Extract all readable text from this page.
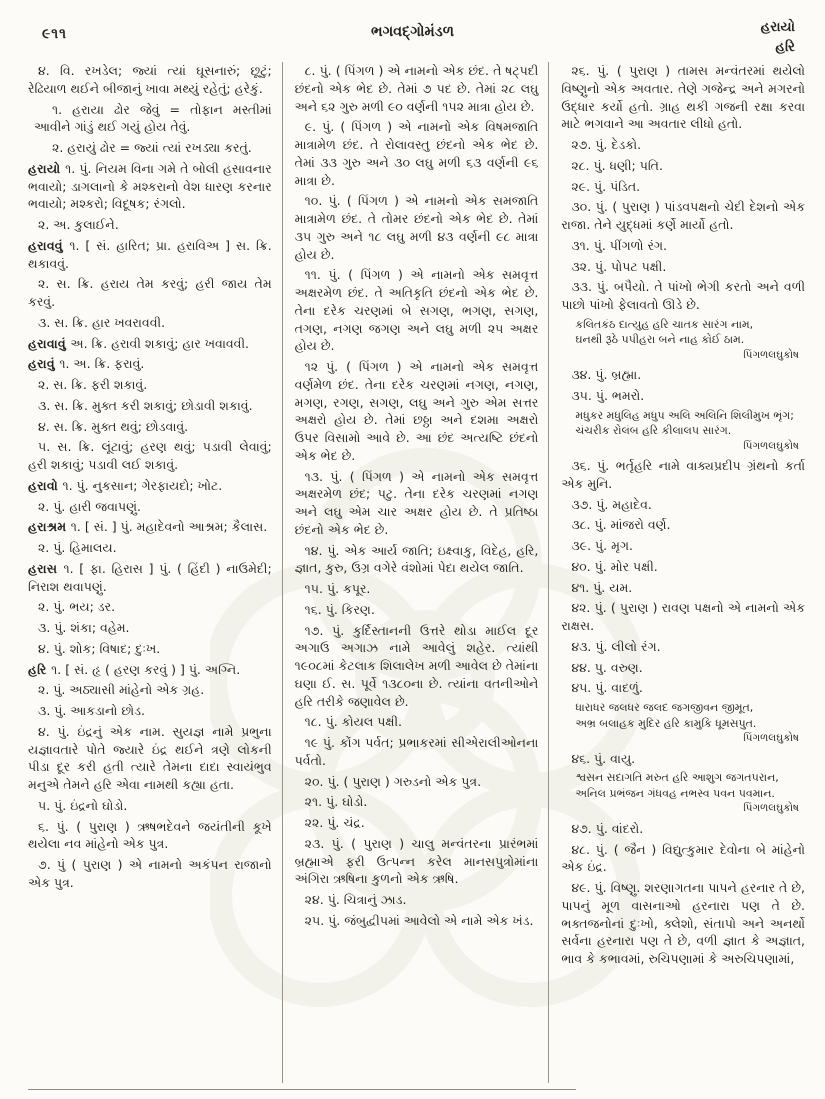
૯૧૧	ભગવદ્ગોમંડળ	હરાયો
હરિ

૪. વિ. રખડેલ; જ્યાં ત્યાં ઘૂસનારું; છૂટું; રેઢિયાળ થઈને બીજાનું ખાવા મથ્યું રહેતું; હરેકું.

૧. હરાયા ઢોર જેવું = તોફાન મસ્તીમાં આવીને ગાંડું થઈ ગયું હોય તેવું.

૨. હરાયું ઢોર = જ્યાં ત્યાં રખડ્યા કરતું.

હરાયો ૧. પું. નિયમ વિના ગમે તે બોલી હસાવનાર ભવાયો; ડાગલાનો કે મશ્કરાનો વેશ ધારણ કરનાર ભવાયો; મશ્કરો; વિદૂષક; રંગલો.

૨. અ. કુલાઈને.

હરાવવું ૧. [ સં. હારિત; પ્રા. હરાવિઅ ] સ. ક્રિ. થકાવવું.

૨. સ. ક્રિ. હરાય તેમ કરવું; હરી જાય તેમ કરવું.

૩. સ. ક્રિ. હાર ખવરાવવી.

હરાવાવું અ. ક્રિ. હરાવી શકાવું; હાર ખવાવવી.

હરાવું ૧. અ. ક્રિ. ફરાવું.

૨. સ. ક્રિ. ફરી શકાવું.

૩. સ. ક્રિ. મુક્ત કરી શકાવું; છોડાવી શકાવું.

૪. સ. ક્રિ. મુક્ત થવું; છોડવાવું.

૫. સ. ક્રિ. લૂંટાવું; હરણ થવું; પડાવી લેવાવું; હરી શકાવું; પડાવી લઈ શકાવું.

હરાવો ૧. પું. નુકસાન; ગેરફાયદો; ખોટ.

૨. પું. હારી જવાપણું.

હરાશ્રમ ૧. [ સં. ] પું. મહાદેવનો આશ્રમ; કૈલાસ.

૨. પું. હિમાલય.

હરાસ ૧. [ ફા. હિરાસ ] પું. ( હિંદી ) નાઉમેદી; નિરાશ થવાપણું.

૨. પું. ભય; ડર.

૩. પું. શંકા; વહેમ.

૪. પું. શોક; વિષાદ; દુઃખ.

હરિ ૧. [ સં. હૃ ( હરણ કરવું ) ] પું. અગ્નિ.

૨. પું. અઠ્યાસી માંહેનો એક ગ્રહ.

૩. પું. આકડાનો છોડ.

૪. પું. ઇંદ્રનું એક નામ. સુયજ્ઞ નામે પ્રભુના યજ્ઞાવતારે પોતે જ્યારે ઇંદ્ર થઈને ત્રણે લોકની પીડા દૂર કરી હતી ત્યારે તેમના દાદા સ્વાયંભુવ મનુએ તેમને હરિ એવા નામથી કહ્યા હતા.

૫. પું. ઇંદ્રનો ઘોડો.

૬. પું. ( પુરાણ ) ઋષભદેવને જયંતીની કૂખે થયેલા નવ માંહેનો એક પુત્ર.

૭. પું ( પુરાણ ) એ નામનો અકંપન રાજાનો એક પુત્ર.

૮. પું. ( પિંગળ ) એ નામનો એક છંદ. તે ષટ્પદી છંદનો એક ભેદ છે. તેમાં ૭ પદ છે. તેમાં ૨૮ લઘુ અને ૬૨ ગુરુ મળી ૯૦ વર્ણની ૧૫૨ માત્રા હોય છે.

૯. પું. ( પિંગળ ) એ નામનો એક વિષમજાતિ માત્રામેળ છંદ. તે રોલાવસ્તુ છંદનો એક ભેદ છે. તેમાં ૩૩ ગુરુ અને ૩૦ લઘુ મળી ૬૩ વર્ણની ૯૬ માત્રા છે.

૧૦. પું. ( પિંગળ ) એ નામનો એક સમજાતિ માત્રામેળ છંદ. તે તોમર છંદનો એક ભેદ છે. તેમાં ૩૫ ગુરુ અને ૧૮ લઘુ મળી ૪૩ વર્ણની ૯૮ માત્રા હોય છે.

૧૧. પું. ( પિંગળ ) એ નામનો એક સમવૃત્ત અક્ષરમેળ છંદ. તે અતિકૃતિ છંદનો એક ભેદ છે. તેના દરેક ચરણમાં બે સગણ, ભગણ, સગણ, તગણ, નગણ જગણ અને લઘુ મળી ૨૫ અક્ષર હોય છે.

૧૨ પું. ( પિંગળ ) એ નામનો એક સમવૃત્ત વર્ણમેળ છંદ. તેના દરેક ચરણમાં નગણ, નગણ, મગણ, રગણ, સગણ, લઘુ અને ગુરુ એમ સત્તર અક્ષરો હોય છે. તેમાં છઠ્ઠા અને દશમા અક્ષરો ઉપર વિસામો આવે છે. આ છંદ અત્યષ્ટિ છંદનો એક ભેદ છે.

૧૩. પું. ( પિંગળ ) એ નામનો એક સમવૃત્ત અક્ષરમેળ છંદ; પટુ. તેના દરેક ચરણમાં નગણ અને લઘુ એમ ચાર અક્ષર હોય છે. તે પ્રતિષ્ઠા છંદનો એક ભેદ છે.

૧૪. પું. એક આર્ય જાતિ; ઇક્ષ્વાકુ, વિદેહ, હરિ, જ્ઞાત, કુરુ, ઉગ્ર વગેરે વંશોમાં પેદા થયેલ જાતિ.

૧૫. પું. કપૂર.

૧૬. પું. કિરણ.

૧૭. પું. કુર્દિસ્તાનની ઉત્તરે થોડા માઈલ દૂર અગાઉ અગાઝ નામે આવેલું શહેર. ત્યાંથી ૧૯૦૮માં કેટલાક શિલાલેખ મળી આવેલ છે તેમાંના ઘણા ઈ. સ. પૂર્વે ૧૩૮૦ના છે. ત્યાંના વતનીઓને હરિ તરીકે જણાવેલ છે.

૧૮. પું. કોયલ પક્ષી.

૧૯ પું. કોંગ પર્વત; પ્રભાકરમાં સીએરાલીઓનના પર્વતો.

૨૦. પું. ( પુરાણ ) ગરુડનો એક પુત્ર.

૨૧. પું. ઘોડો.

૨૨. પું. ચંદ્ર.

૨૩. પું. ( પુરાણ ) ચાલુ મન્વંતરના પ્રારંભમાં બ્રહ્માએ ફરી ઉત્પન્ન કરેલ માનસપુત્રોમાંના અંગિરા ઋષિના કુળનો એક ઋષિ.

૨૪. પું. ચિત્રાનું ઝાડ.

૨૫. પું. જંબુદ્વીપમાં આવેલો એ નામે એક ખંડ.

૨૬. પું. ( પુરાણ ) તામસ મન્વંતરમાં થયેલો વિષ્ણુનો એક અવતાર. તેણે ગજેન્દ્ર અને મગરનો ઉદ્ધાર કર્યો હતો. ગ્રાહ થકી ગજની રક્ષા કરવા માટે ભગવાને આ અવતાર લીધો હતો.

૨૭. પું. દેડકો.

૨૮. પું. ધણી; પતિ.

૨૯. પું. પંડિત.

૩૦. પું. ( પુરાણ ) પાંડવપક્ષનો ચેદી દેશનો એક રાજા. તેને યુદ્ધમાં કર્ણે માર્યો હતો.

૩૧. પું. પીંગળો રંગ.

૩૨. પું. પોપટ પક્ષી.

૩૩. પું. બપૈયો. તે પાંખો ભેગી કરતો અને વળી પાછો પાંખો ફેલાવતો ઊડે છે.

કલિતકંઠ દાત્યુહ હરિ ચાતક સારંગ નામ,
ઘનથી રૂઠે પપીહરા બને નાહ કોઈ ઠામ.
પિંગળલઘુકોષ

૩૪. પું. બ્રહ્મા.

૩૫. પું. ભમરો.

મધુકર મધુલિહ મધુપ અલિ અલિનિ શિલીમુખ ભૃંગ;
ચંચરીક રોલંબ હરિ કીલાલપ સારંગ.
પિંગળલઘુકોષ

૩૬. પું. ભર્તૃહરિ નામે વાક્યપ્રદીપ ગ્રંથનો કર્તા એક મુનિ.

૩૭. પું. મહાદેવ.

૩૮. પું. માંજરો વર્ણ.

૩૯. પું. મૃગ.

૪૦. પું. મોર પક્ષી.

૪૧. પું. યમ.

૪૨. પું. ( પુરાણ ) રાવણ પક્ષનો એ નામનો એક રાક્ષસ.

૪૩. પું. લીલો રંગ.

૪૪. પુ. વરુણ.

૪૫. પું. વાદળું.

ધારાધર જલધર જલદ જગજીવન જીમૂત,
અભ્ર બલાહક મુદિર હરિ કામુકિ ધૂમસપુત.
પિંગળલઘુકોષ

૪૬. પું. વાયુ.

શ્વસન સદાગતિ મરુત હરિ આશુગ જગતપરાન,
અનિલ પ્રભંજન ગંધવહ નભસ્વ પવન પવમાન.
પિંગળલઘુકોષ

૪૭. પું. વાંદરો.

૪૮. પું. ( જૈન ) વિદ્યુત્કુમાર દેવોના બે માંહેનો એક ઇંદ્ર.

૪૯. પું. વિષ્ણુ. શરણાગતના પાપને હરનાર તે છે, પાપનું મૂળ વાસનાઓ હરનારા પણ તે છે. ભક્તજનોનાં દુઃખો, ક્લેશો, સંતાપો અને અનર્થો સર્વના હરનારા પણ તે છે, વળી જ્ઞાત કે અજ્ઞાત, ભાવ કે કભાવમાં, રુચિપણામાં કે અરુચિપણામાં,
